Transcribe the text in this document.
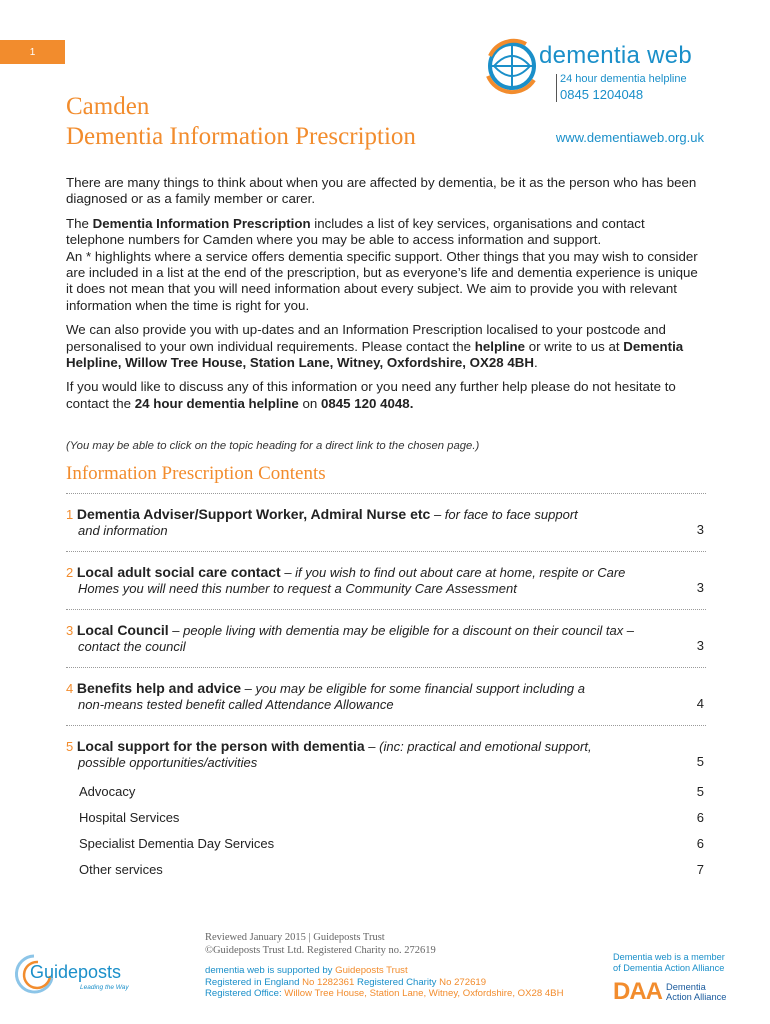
1	dementia web
24 hour dementia helpline
0845 1204048
Camden
Dementia Information Prescription	www.dementiaweb.org.uk

There are many things to think about when you are affected by dementia, be it as the person who has been diagnosed or as a family member or carer.

The Dementia Information Prescription includes a list of key services, organisations and contact telephone numbers for Camden where you may be able to access information and support.
An * highlights where a service offers dementia specific support. Other things that you may wish to consider are included in a list at the end of the prescription, but as everyone’s life and dementia experience is unique it does not mean that you will need information about every subject. We aim to provide you with relevant information when the time is right for you.

We can also provide you with up-dates and an Information Prescription localised to your postcode and personalised to your own individual requirements. Please contact the helpline or write to us at Dementia Helpline, Willow Tree House, Station Lane, Witney, Oxfordshire, OX28 4BH.

If you would like to discuss any of this information or you need any further help please do not hesitate to contact the 24 hour dementia helpline on 0845 120 4048.

(You may be able to click on the topic heading for a direct link to the chosen page.)

Information Prescription Contents
1 Dementia Adviser/Support Worker, Admiral Nurse etc – for face to face support
and information	3
2 Local adult social care contact – if you wish to find out about care at home, respite or Care
Homes you will need this number to request a Community Care Assessment	3
3 Local Council – people living with dementia may be eligible for a discount on their council tax –
contact the council	3
4 Benefits help and advice – you may be eligible for some financial support including a
non-means tested benefit called Attendance Allowance	4
5 Local support for the person with dementia – (inc: practical and emotional support,
possible opportunities/activities	5
Advocacy	5
Hospital Services	6
Specialist Dementia Day Services	6
Other services	7
Guideposts
Leading the Way
Reviewed January 2015 | Guideposts Trust
©Guideposts Trust Ltd. Registered Charity no. 272619
dementia web is supported by Guideposts Trust
Registered in England No 1282361 Registered Charity No 272619
Registered Office: Willow Tree House, Station Lane, Witney, Oxfordshire, OX28 4BH
Dementia web is a member
of Dementia Action Alliance
DAA Dementia
Action Alliance
